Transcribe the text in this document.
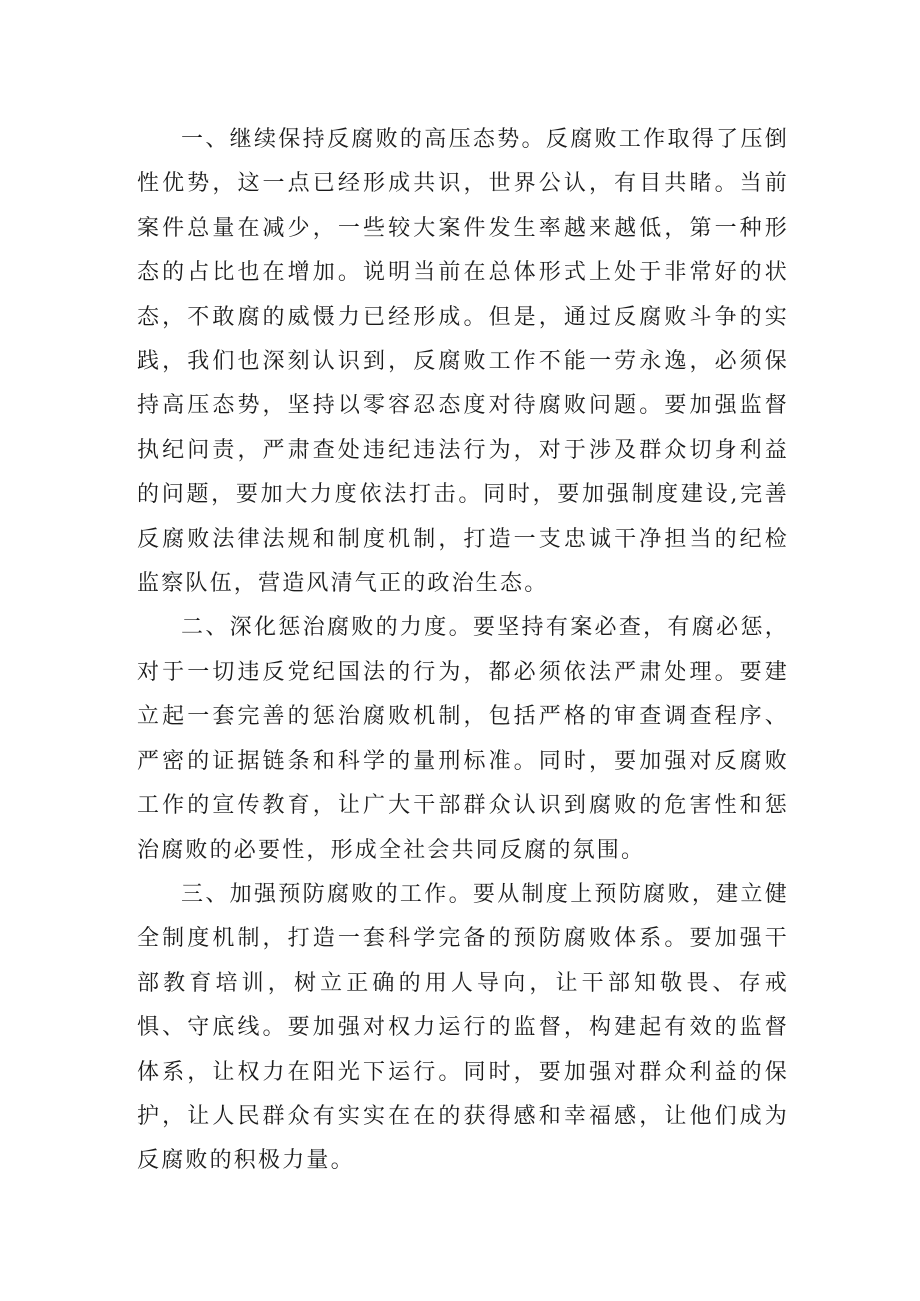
一、继续保持反腐败的高压态势。反腐败工作取得了压倒性优势，这一点已经形成共识，世界公认，有目共睹。当前案件总量在减少，一些较大案件发生率越来越低，第一种形态的占比也在增加。说明当前在总体形式上处于非常好的状态，不敢腐的威慑力已经形成。但是，通过反腐败斗争的实践，我们也深刻认识到，反腐败工作不能一劳永逸，必须保持高压态势，坚持以零容忍态度对待腐败问题。要加强监督执纪问责，严肃查处违纪违法行为，对于涉及群众切身利益的问题，要加大力度依法打击。同时，要加强制度建设,完善反腐败法律法规和制度机制，打造一支忠诚干净担当的纪检监察队伍，营造风清气正的政治生态。

二、深化惩治腐败的力度。要坚持有案必查，有腐必惩，对于一切违反党纪国法的行为，都必须依法严肃处理。要建立起一套完善的惩治腐败机制，包括严格的审查调查程序、严密的证据链条和科学的量刑标准。同时，要加强对反腐败工作的宣传教育，让广大干部群众认识到腐败的危害性和惩治腐败的必要性，形成全社会共同反腐的氛围。

三、加强预防腐败的工作。要从制度上预防腐败，建立健全制度机制，打造一套科学完备的预防腐败体系。要加强干部教育培训，树立正确的用人导向，让干部知敬畏、存戒惧、守底线。要加强对权力运行的监督，构建起有效的监督体系，让权力在阳光下运行。同时，要加强对群众利益的保护，让人民群众有实实在在的获得感和幸福感，让他们成为反腐败的积极力量。
